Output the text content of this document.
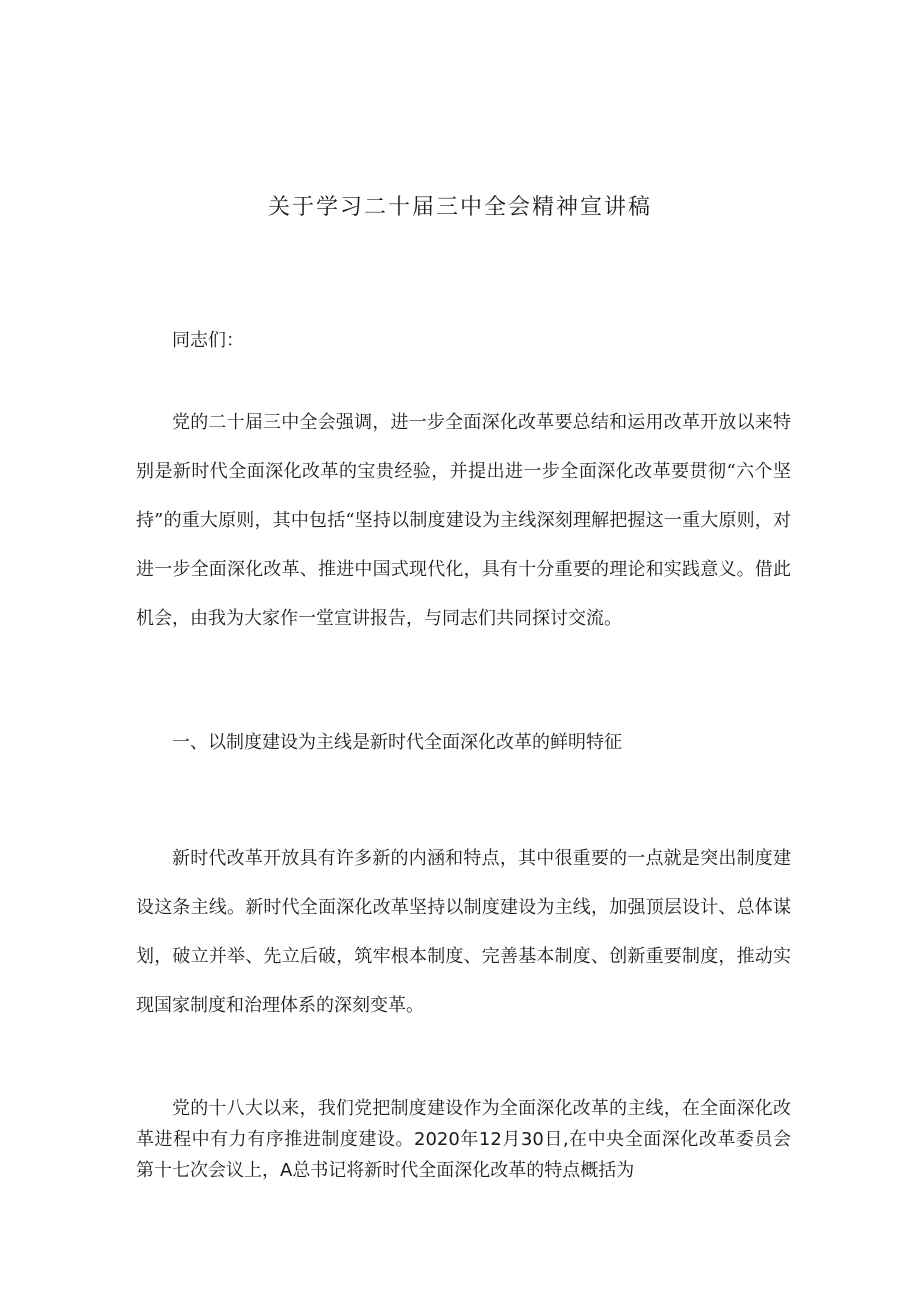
关于学习二十届三中全会精神宣讲稿

同志们：

党的二十届三中全会强调，进一步全面深化改革要总结和运用改革开放以来特别是新时代全面深化改革的宝贵经验，并提出进一步全面深化改革要贯彻“六个坚持”的重大原则，其中包括“坚持以制度建设为主线深刻理解把握这一重大原则，对进一步全面深化改革、推进中国式现代化，具有十分重要的理论和实践意义。借此机会，由我为大家作一堂宣讲报告，与同志们共同探讨交流。

一、以制度建设为主线是新时代全面深化改革的鲜明特征

新时代改革开放具有许多新的内涵和特点，其中很重要的一点就是突出制度建设这条主线。新时代全面深化改革坚持以制度建设为主线，加强顶层设计、总体谋划，破立并举、先立后破，筑牢根本制度、完善基本制度、创新重要制度，推动实现国家制度和治理体系的深刻变革。

党的十八大以来，我们党把制度建设作为全面深化改革的主线，在全面深化改革进程中有力有序推进制度建设。2020年12月30日,在中央全面深化改革委员会第十七次会议上，A总书记将新时代全面深化改革的特点概括为
